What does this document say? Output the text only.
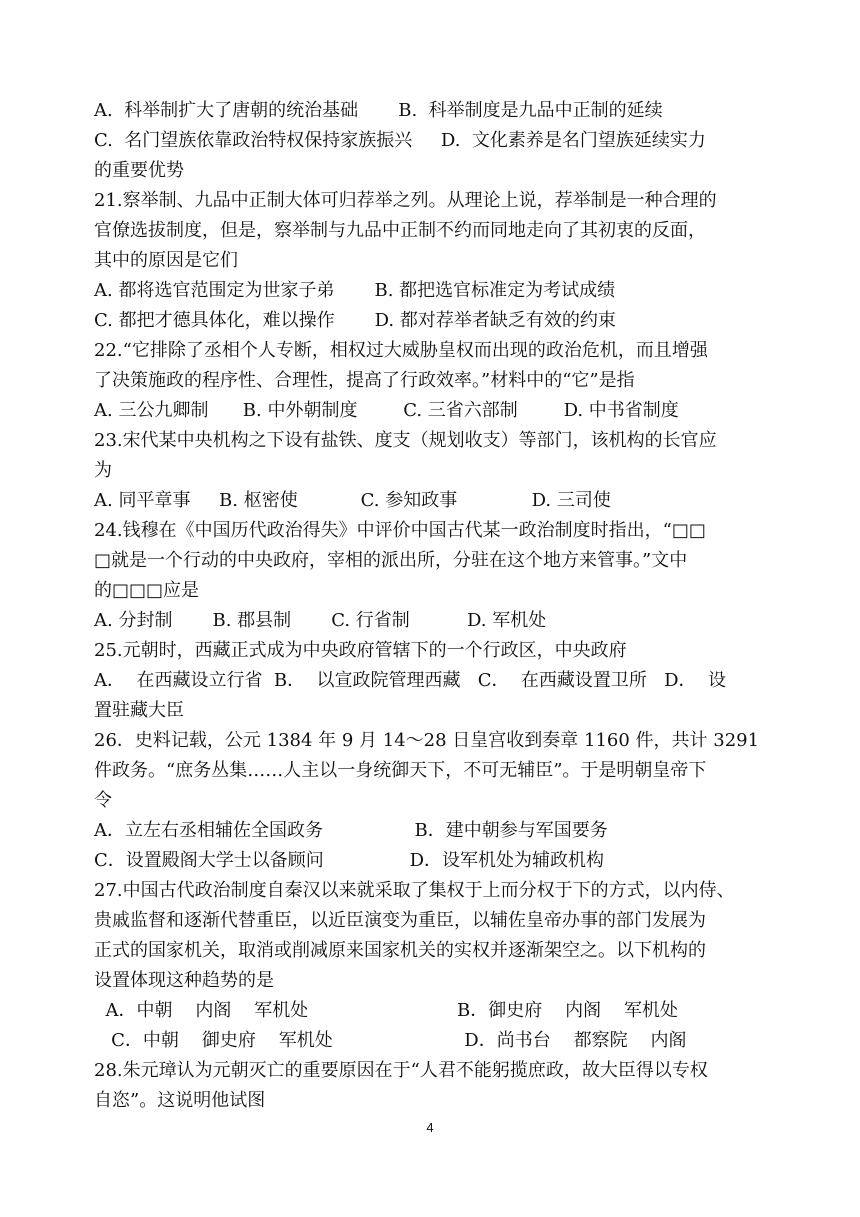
A.  科举制扩大了唐朝的统治基础       B.  科举制度是九品中正制的延续
C.  名门望族依靠政治特权保持家族振兴     D.  文化素养是名门望族延续实力
的重要优势
21.察举制、九品中正制大体可归荐举之列。从理论上说，荐举制是一种合理的
官僚选拔制度，但是，察举制与九品中正制不约而同地走向了其初衷的反面，
其中的原因是它们
A. 都将选官范围定为世家子弟       B. 都把选官标准定为考试成绩
C. 都把才德具体化，难以操作       D. 都对荐举者缺乏有效的约束
22.“它排除了丞相个人专断，相权过大威胁皇权而出现的政治危机，而且增强
了决策施政的程序性、合理性，提高了行政效率。”材料中的“它”是指
A. 三公九卿制      B. 中外朝制度        C. 三省六部制        D. 中书省制度
23.宋代某中央机构之下设有盐铁、度支（规划收支）等部门，该机构的长官应
为
A. 同平章事     B. 枢密使           C. 参知政事             D. 三司使
24.钱穆在《中国历代政治得失》中评价中国古代某一政治制度时指出，“□□
□就是一个行动的中央政府，宰相的派出所，分驻在这个地方来管事。”文中
的□□□应是
A. 分封制       B. 郡县制       C. 行省制          D. 军机处
25.元朝时，西藏正式成为中央政府管辖下的一个行政区，中央政府
A．  在西藏设立行省  B．  以宣政院管理西藏   C．  在西藏设置卫所   D．  设
置驻藏大臣
26．史料记载，公元 1384 年 9 月 14～28 日皇宫收到奏章 1160 件，共计 3291
件政务。“庶务丛集……人主以一身统御天下，不可无辅臣”。于是明朝皇帝下
令
A．立左右丞相辅佐全国政务                B．建中朝参与军国要务
C．设置殿阁大学士以备顾问               D．设军机处为辅政机构
27.中国古代政治制度自秦汉以来就采取了集权于上而分权于下的方式，以内侍、
贵戚监督和逐渐代替重臣，以近臣演变为重臣，以辅佐皇帝办事的部门发展为
正式的国家机关，取消或削减原来国家机关的实权并逐渐架空之。以下机构的
设置体现这种趋势的是
A．中朝    内阁    军机处                          B．御史府    内阁    军机处
C．中朝    御史府    军机处                       D．尚书台    都察院    内阁
28.朱元璋认为元朝灭亡的重要原因在于“人君不能躬揽庶政，故大臣得以专权
自恣”。这说明他试图
4
